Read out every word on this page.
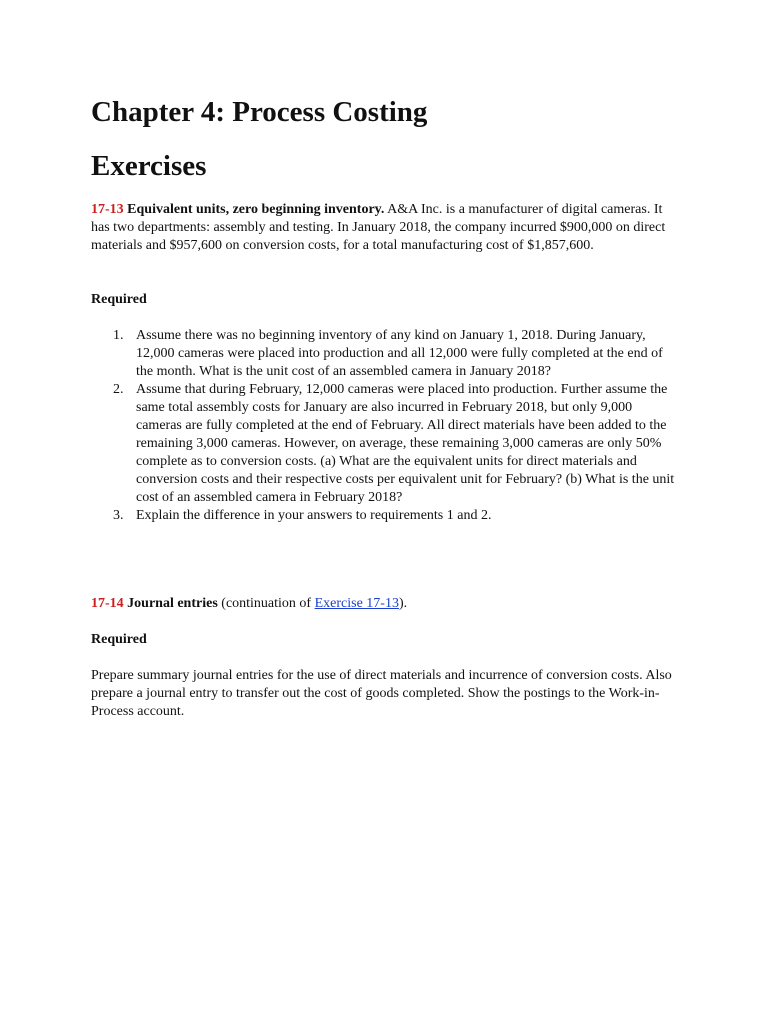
Chapter 4: Process Costing
Exercises

17-13 Equivalent units, zero beginning inventory. A&A Inc. is a manufacturer of digital cameras. It has two departments: assembly and testing. In January 2018, the company incurred $900,000 on direct materials and $957,600 on conversion costs, for a total manufacturing cost of $1,857,600.

Required

1. Assume there was no beginning inventory of any kind on January 1, 2018. During January, 12,000 cameras were placed into production and all 12,000 were fully completed at the end of the month. What is the unit cost of an assembled camera in January 2018?
2. Assume that during February, 12,000 cameras were placed into production. Further assume the same total assembly costs for January are also incurred in February 2018, but only 9,000 cameras are fully completed at the end of February. All direct materials have been added to the remaining 3,000 cameras. However, on average, these remaining 3,000 cameras are only 50% complete as to conversion costs. (a) What are the equivalent units for direct materials and conversion costs and their respective costs per equivalent unit for February? (b) What is the unit cost of an assembled camera in February 2018?
3. Explain the difference in your answers to requirements 1 and 2.

17-14 Journal entries (continuation of Exercise 17-13).

Required

Prepare summary journal entries for the use of direct materials and incurrence of conversion costs. Also prepare a journal entry to transfer out the cost of goods completed. Show the postings to the Work-in-Process account.
